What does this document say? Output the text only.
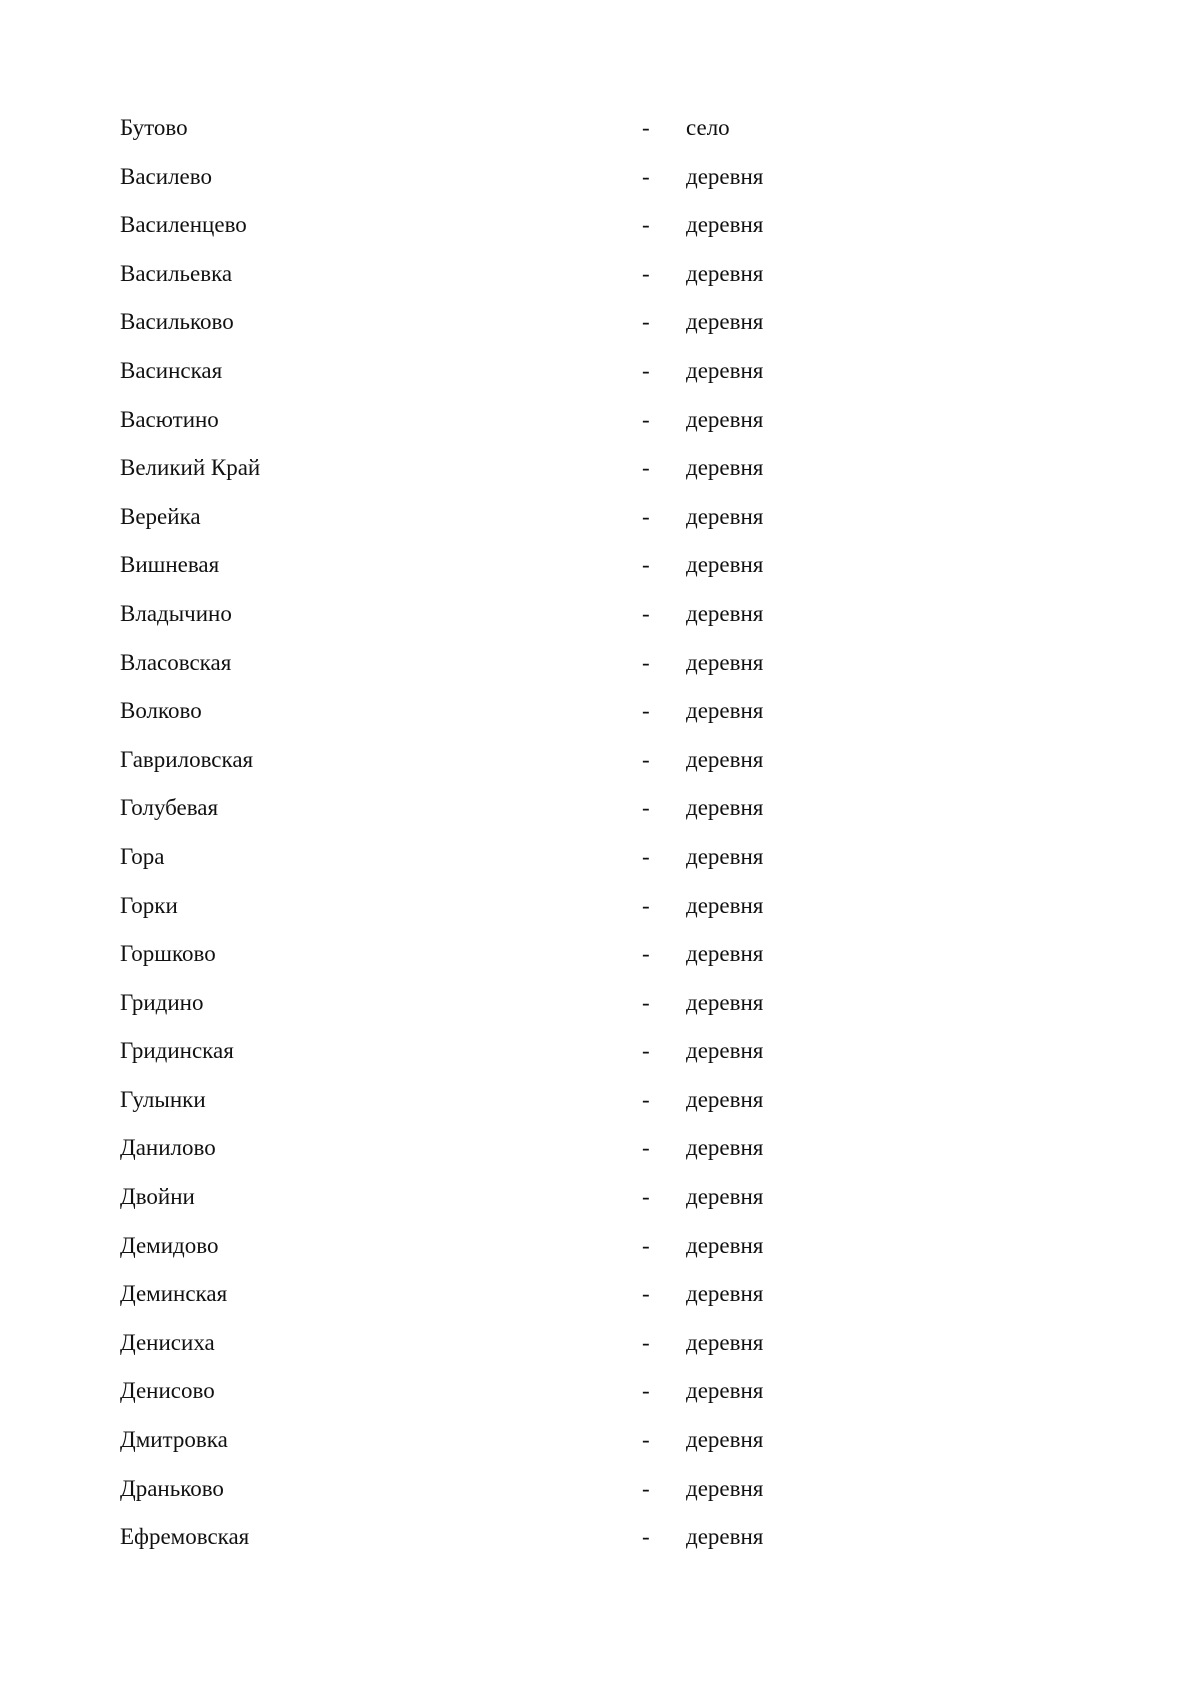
Бутово	- село
Василево	- деревня
Василенцево	- деревня
Васильевка	- деревня
Васильково	- деревня
Васинская	- деревня
Васютино	- деревня
Великий Край	- деревня
Верейка	- деревня
Вишневая	- деревня
Владычино	- деревня
Власовская	- деревня
Волково	- деревня
Гавриловская	- деревня
Голубевая	- деревня
Гора	- деревня
Горки	- деревня
Горшково	- деревня
Гридино	- деревня
Гридинская	- деревня
Гулынки	- деревня
Данилово	- деревня
Двойни	- деревня
Демидово	- деревня
Деминская	- деревня
Денисиха	- деревня
Денисово	- деревня
Дмитровка	- деревня
Драньково	- деревня
Ефремовская	- деревня
